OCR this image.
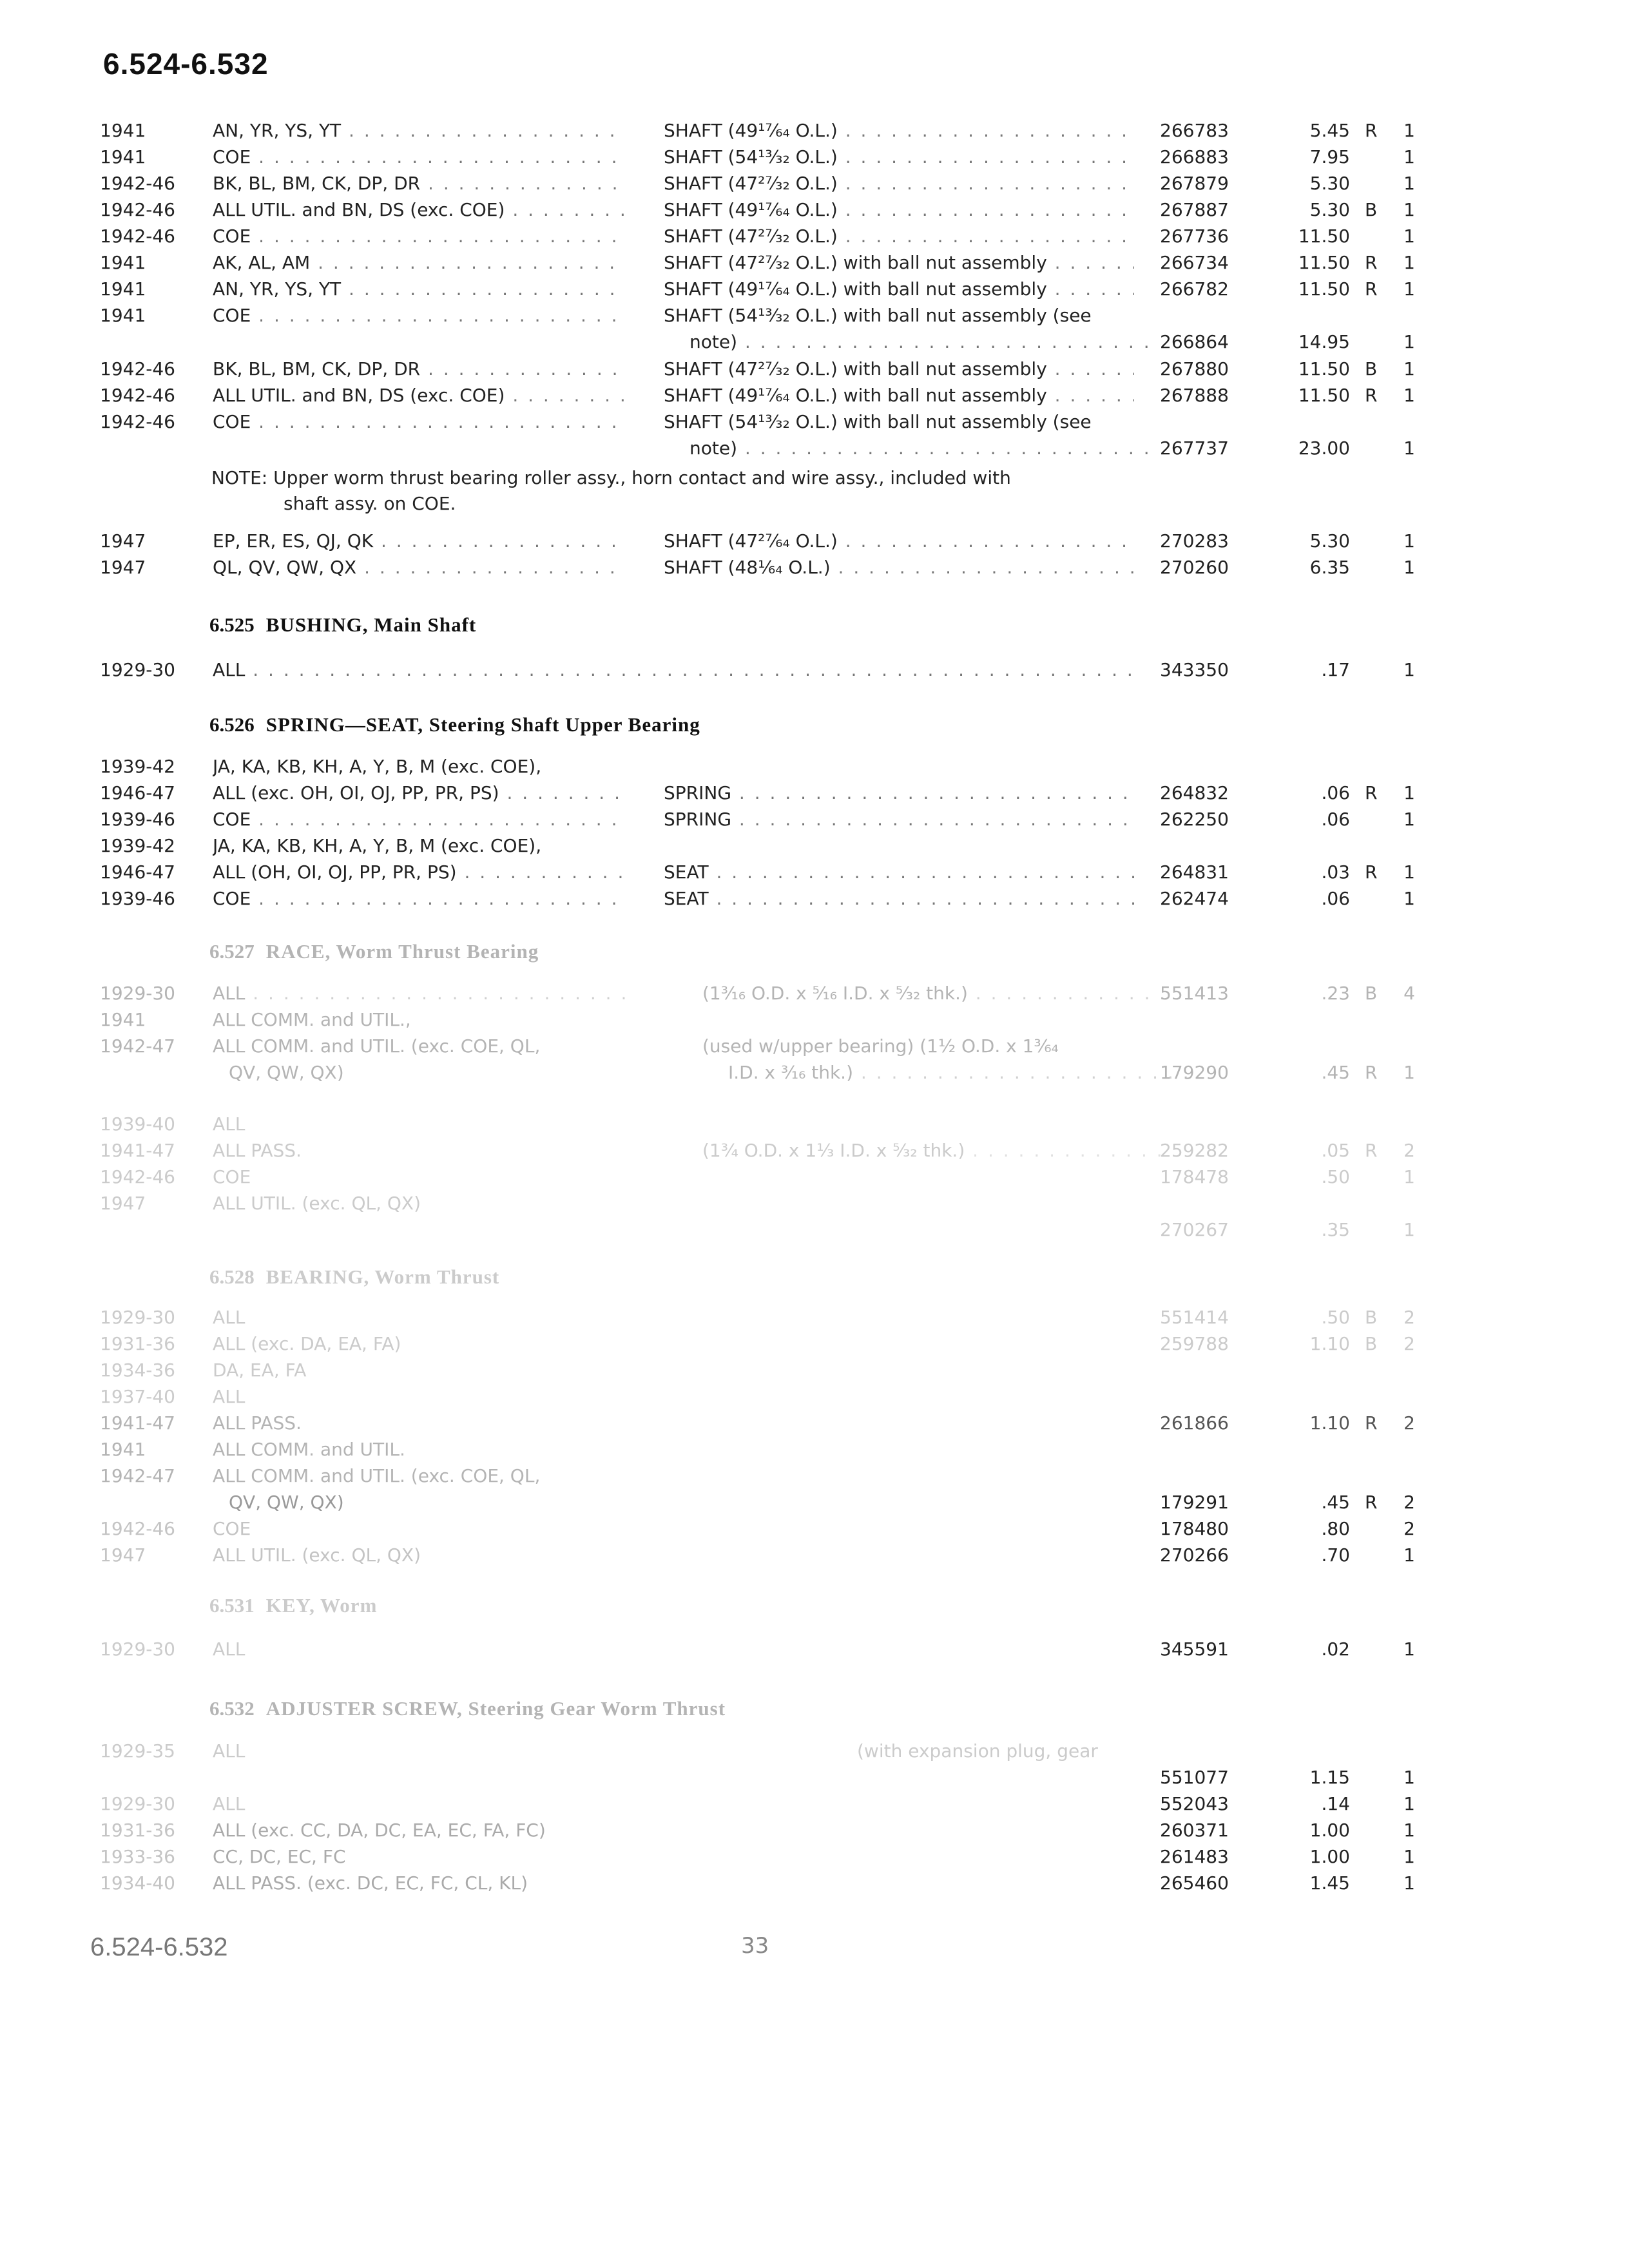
6.524-6.532
1941	AN, YR, YS, YT . . .	SHAFT (49¹⁷⁄₆₄ O.L.) . . .	266783	5.45 R	1
1941	COE . . .	SHAFT (54¹³⁄₃₂ O.L.) . . .	266883	7.95	1
1942-46	BK, BL, BM, CK, DP, DR . . .	SHAFT (47²⁷⁄₃₂ O.L.) . . .	267879	5.30	1
1942-46	ALL UTIL. and BN, DS (exc. COE) . . .	SHAFT (49¹⁷⁄₆₄ O.L.) . . .	267887	5.30 B	1
1942-46	COE . . .	SHAFT (47²⁷⁄₃₂ O.L.) . . .	267736	11.50	1
1941	AK, AL, AM . . .	SHAFT (47²⁷⁄₃₂ O.L.) with ball nut assembly . . .	266734	11.50 R	1
1941	AN, YR, YS, YT . . .	SHAFT (49¹⁷⁄₆₄ O.L.) with ball nut assembly . . .	266782	11.50 R	1
1941	COE . . .	SHAFT (54¹³⁄₃₂ O.L.) with ball nut assembly (see
note) . . .	266864	14.95	1
1942-46	BK, BL, BM, CK, DP, DR . . .	SHAFT (47²⁷⁄₃₂ O.L.) with ball nut assembly . . .	267880	11.50 B	1
1942-46	ALL UTIL. and BN, DS (exc. COE) . . .	SHAFT (49¹⁷⁄₆₄ O.L.) with ball nut assembly . . .	267888	11.50 R	1
1942-46	COE . . .	SHAFT (54¹³⁄₃₂ O.L.) with ball nut assembly (see
note) . . .	267737	23.00	1
NOTE: Upper worm thrust bearing roller assy., horn contact and wire assy., included with
shaft assy. on COE.
1947	EP, ER, ES, QJ, QK . . .	SHAFT (47²⁷⁄₆₄ O.L.) . . .	270283	5.30	1
1947	QL, QV, QW, QX . . .	SHAFT (48¹⁄₆₄ O.L.) . . .	270260	6.35	1
6.525 BUSHING, Main Shaft
1929-30	ALL . . .	343350	.17	1
6.526 SPRING—SEAT, Steering Shaft Upper Bearing
1939-42	JA, KA, KB, KH, A, Y, B, M (exc. COE),
1946-47	ALL (exc. OH, OI, OJ, PP, PR, PS) . . .	SPRING . . .	264832	.06 R	1
1939-46	COE . . .	SPRING . . .	262250	.06	1
1939-42	JA, KA, KB, KH, A, Y, B, M (exc. COE),
1946-47	ALL (OH, OI, OJ, PP, PR, PS) . . .	SEAT . . .	264831	.03 R	1
1939-46	COE . . .	SEAT . . .	262474	.06	1
6.527 RACE, Worm Thrust Bearing
1929-30	ALL . . .	(1³⁄₁₆ O.D. x ⁵⁄₁₆ I.D. x ⁵⁄₃₂ thk.) . . .	551413	.23 B	4
1941	ALL COMM. and UTIL.,
1942-47	ALL COMM. and UTIL. (exc. COE, QL,	(used w/upper bearing) (1¹⁄₂ O.D. x 1³⁄₆₄
QV, QW, QX)	I.D. x ³⁄₁₆ thk.) . . .	179290	.45 R	1
1939-40	ALL
1941-47	ALL PASS.	(1³⁄₄ O.D. x 1¹⁄₃ I.D. x ⁵⁄₃₂ thk.) . . .	259282	.05 R	2
1942-46	COE	178478	.50	1
1947	ALL UTIL. (exc. QL, QX)
270267	.35	1
6.528 BEARING, Worm Thrust
1929-30	ALL	551414	.50 B	2
1931-36	ALL (exc. DA, EA, FA)	259788	1.10 B	2
1934-36	DA, EA, FA
1937-40	ALL
1941-47	ALL PASS.	261866	1.10 R	2
1941	ALL COMM. and UTIL.
1942-47	ALL COMM. and UTIL. (exc. COE, QL,
QV, QW, QX)	179291	.45 R	2
1942-46	COE	178480	.80	2
1947	ALL UTIL. (exc. QL, QX)	270266	.70	1
6.531 KEY, Worm
1929-30	ALL	345591	.02	1
6.532 ADJUSTER SCREW, Steering Gear Worm Thrust
1929-35	ALL	(with expansion plug, gear
551077	1.15	1
1929-30	ALL	552043	.14	1
1931-36	ALL (exc. CC, DA, DC, EA, EC, FA, FC)	260371	1.00	1
1933-36	CC, DC, EC, FC	261483	1.00	1
1934-40	ALL PASS. (exc. DC, EC, FC, CL, KL)	265460	1.45	1
6.524-6.532	33
